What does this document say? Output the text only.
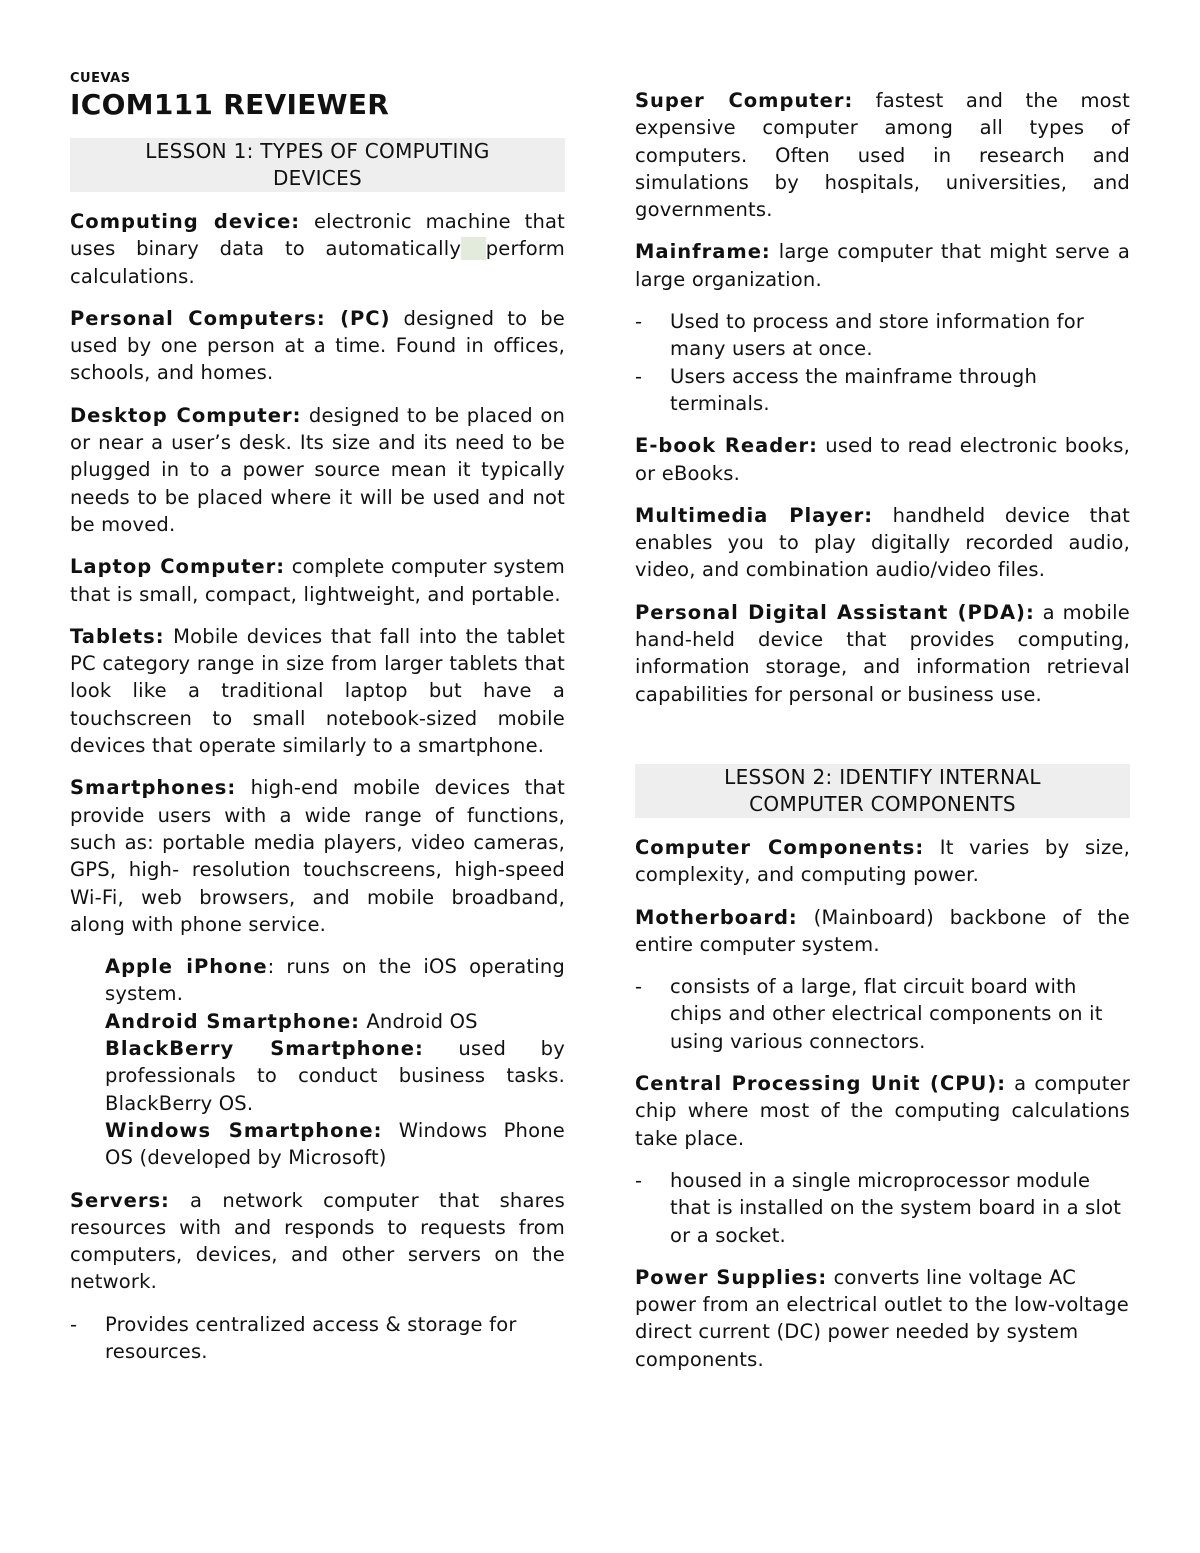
CUEVAS
ICOM111 REVIEWER
LESSON 1: TYPES OF COMPUTING
DEVICES

Computing device: electronic machine that uses binary data to automatically perform calculations.

Personal Computers: (PC) designed to be used by one person at a time. Found in offices, schools, and homes.

Desktop Computer: designed to be placed on or near a user’s desk. Its size and its need to be plugged in to a power source mean it typically needs to be placed where it will be used and not be moved.

Laptop Computer: complete computer system that is small, compact, lightweight, and portable.

Tablets: Mobile devices that fall into the tablet PC category range in size from larger tablets that look like a traditional laptop but have a touchscreen to small notebook-sized mobile devices that operate similarly to a smartphone.

Smartphones: high-end mobile devices that provide users with a wide range of functions, such as: portable media players, video cameras, GPS, high- resolution touchscreens, high-speed Wi-Fi, web browsers, and mobile broadband, along with phone service.

Apple iPhone: runs on the iOS operating system.

Android Smartphone: Android OS

BlackBerry Smartphone: used by professionals to conduct business tasks. BlackBerry OS.

Windows Smartphone: Windows Phone OS (developed by Microsoft)

Servers: a network computer that shares resources with and responds to requests from computers, devices, and other servers on the network.

- Provides centralized access & storage for resources.

Super Computer: fastest and the most expensive computer among all types of computers. Often used in research and simulations by hospitals, universities, and governments.

Mainframe: large computer that might serve a large organization.

- Used to process and store information for many users at once.
- Users access the mainframe through terminals.

E-book Reader: used to read electronic books, or eBooks.

Multimedia Player: handheld device that enables you to play digitally recorded audio, video, and combination audio/video files.

Personal Digital Assistant (PDA): a mobile hand-held device that provides computing, information storage, and information retrieval capabilities for personal or business use.

LESSON 2: IDENTIFY INTERNAL
COMPUTER COMPONENTS

Computer Components: It varies by size, complexity, and computing power.

Motherboard: (Mainboard) backbone of the entire computer system.

- consists of a large, flat circuit board with chips and other electrical components on it using various connectors.

Central Processing Unit (CPU): a computer chip where most of the computing calculations take place.

- housed in a single microprocessor module that is installed on the system board in a slot or a socket.

Power Supplies: converts line voltage AC power from an electrical outlet to the low-voltage direct current (DC) power needed by system components.
